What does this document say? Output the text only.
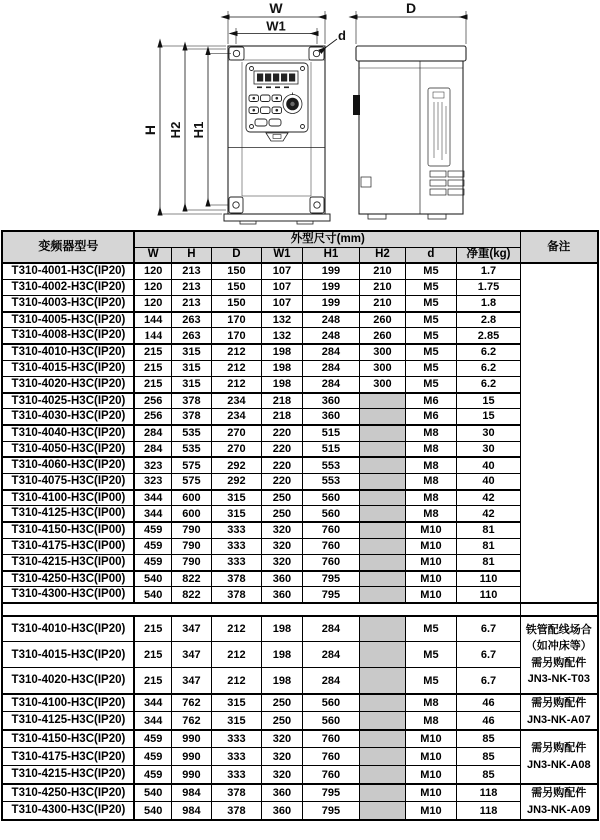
W
W1
D
d
H H2 H1
变频器型号	外型尺寸(mm)								备注
	W	H	D	W1	H1	H2	d	净重(kg)	
T310-4001-H3C(IP20)	120	213	150	107	199	210	M5	1.7	
T310-4002-H3C(IP20)	120	213	150	107	199	210	M5	1.75	
T310-4003-H3C(IP20)	120	213	150	107	199	210	M5	1.8	
T310-4005-H3C(IP20)	144	263	170	132	248	260	M5	2.8	
T310-4008-H3C(IP20)	144	263	170	132	248	260	M5	2.85	
T310-4010-H3C(IP20)	215	315	212	198	284	300	M5	6.2	
T310-4015-H3C(IP20)	215	315	212	198	284	300	M5	6.2	
T310-4020-H3C(IP20)	215	315	212	198	284	300	M5	6.2	
T310-4025-H3C(IP20)	256	378	234	218	360		M6	15	
T310-4030-H3C(IP20)	256	378	234	218	360		M6	15	
T310-4040-H3C(IP20)	284	535	270	220	515		M8	30	
T310-4050-H3C(IP20)	284	535	270	220	515		M8	30	
T310-4060-H3C(IP20)	323	575	292	220	553		M8	40	
T310-4075-H3C(IP20)	323	575	292	220	553		M8	40	
T310-4100-H3C(IP00)	344	600	315	250	560		M8	42	
T310-4125-H3C(IP00)	344	600	315	250	560		M8	42	
T310-4150-H3C(IP00)	459	790	333	320	760		M10	81	
T310-4175-H3C(IP00)	459	790	333	320	760		M10	81	
T310-4215-H3C(IP00)	459	790	333	320	760		M10	81	
T310-4250-H3C(IP00)	540	822	378	360	795		M10	110	
T310-4300-H3C(IP00)	540	822	378	360	795		M10	110	

T310-4010-H3C(IP20)	215	347	212	198	284		M5	6.7	铁管配线场合
（如冲床等）
需另购配件
JN3-NK-T03

T310-4015-H3C(IP20)	215	347	212	198	284		M5	6.7	
T310-4020-H3C(IP20)	215	347	212	198	284		M5	6.7	
T310-4100-H3C(IP20)	344	762	315	250	560		M8	46	需另购配件
JN3-NK-A07

T310-4125-H3C(IP20)	344	762	315	250	560		M8	46	
T310-4150-H3C(IP20)	459	990	333	320	760		M10	85	需另购配件
JN3-NK-A08

T310-4175-H3C(IP20)	459	990	333	320	760		M10	85	
T310-4215-H3C(IP20)	459	990	333	320	760		M10	85	
T310-4250-H3C(IP20)	540	984	378	360	795		M10	118	需另购配件
JN3-NK-A09

T310-4300-H3C(IP20)	540	984	378	360	795		M10	118	
